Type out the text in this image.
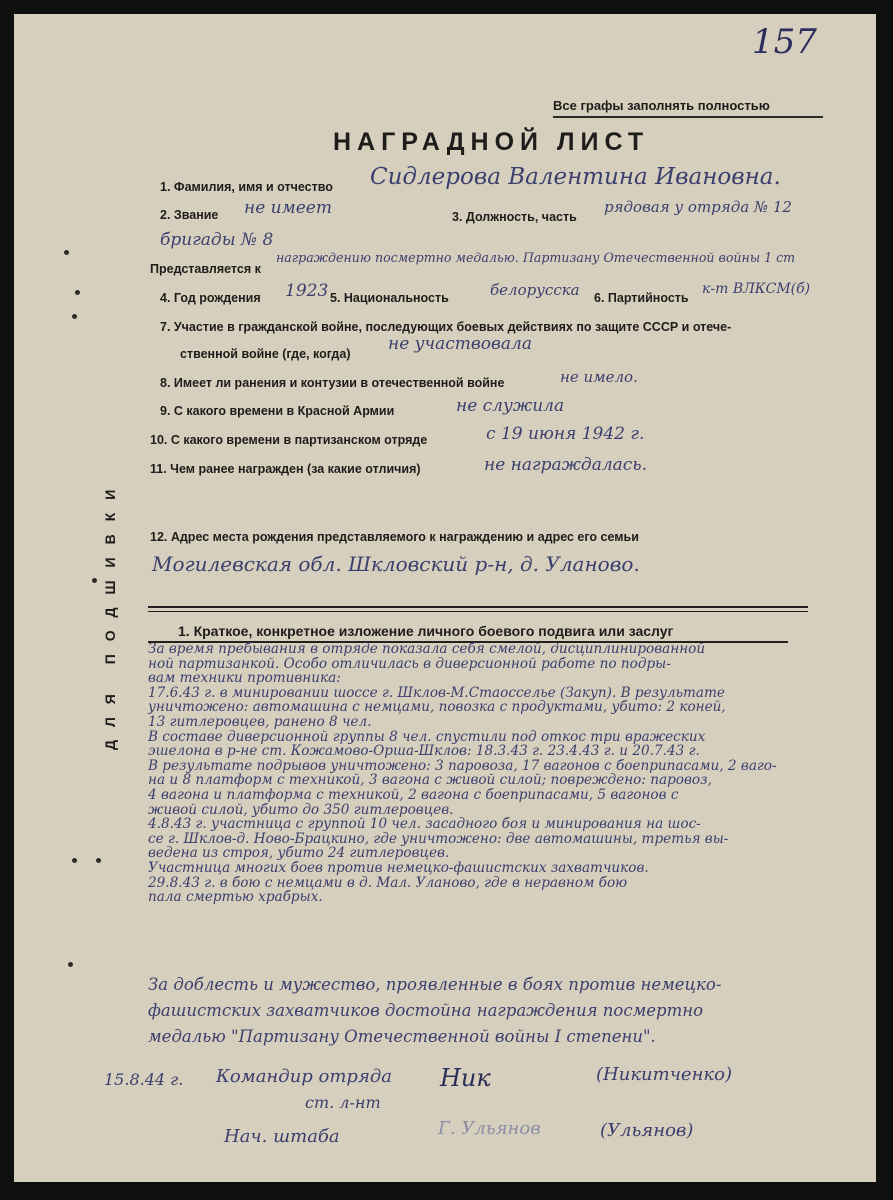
157
Все графы заполнять полностью
НАГРАДНОЙ ЛИСТ
ДЛЯ ПОДШИВКИ
1. Фамилия, имя и отчество Сидлерова Валентина Ивановна.
2. Звание не имеет	3. Должность, часть
рядовая у отряда № 12
бригады № 8
Представляется к
награждению посмертно медалью. Партизану Отечественной войны 1 ст
4. Год рождения 1923 5. Национальность	белорусска 6. Партийность
к-т ВЛКСМ(б)
7. Участие в гражданской войне, последующих боевых действиях по защите СССР и отече-
ственной войне (где, когда) не участвовала
8. Имеет ли ранения и контузии в отечественной войне	не имело.
9. С какого времени в Красной Армии	не служила
10. С какого времени в партизанском отряде	с 19 июня 1942 г.
11. Чем ранее награжден (за какие отличия)	не награждалась.
12. Адрес места рождения представляемого к награждению и адрес его семьи
Могилевская обл. Шкловский р-н, д. Уланово.
1. Краткое, конкретное изложение личного боевого подвига или заслуг
За время пребывания в отряде показала себя смелой, дисциплинированной
ной партизанкой. Особо отличилась в диверсионной работе по подры-
вам техники противника:
17.6.43 г. в минировании шоссе г. Шклов-М.Стаосселье (Закуп). В результате
уничтожено: автомашина с немцами, повозка с продуктами, убито: 2 коней,
13 гитлеровцев, ранено 8 чел.
В составе диверсионной группы 8 чел. спустили под откос три вражеских
эшелона в р-не ст. Кожамово-Орша-Шклов: 18.3.43 г. 23.4.43 г. и 20.7.43 г.
В результате подрывов уничтожено: 3 паровоза, 17 вагонов с боеприпасами, 2 ваго-
на и 8 платформ с техникой, 3 вагона с живой силой; повреждено: паровоз,
4 вагона и платформа с техникой, 2 вагона с боеприпасами, 5 вагонов с
живой силой, убито до 350 гитлеровцев.
4.8.43 г. участница с группой 10 чел. засадного боя и минирования на шос-
се г. Шклов-д. Ново-Брацкино, где уничтожено: две автомашины, третья вы-
ведена из строя, убито 24 гитлеровцев.
Участница многих боев против немецко-фашистских захватчиков.
29.8.43 г. в бою с немцами в д. Мал. Уланово, где в неравном бою
пала смертью храбрых.
За доблесть и мужество, проявленные в боях против немецко-
фашистских захватчиков достойна награждения посмертно
медалью "Партизану Отечественной войны I степени".
15.8.44 г. Командир отряда
ст. л-нт
Ник	(Никитченко)
Нач. штаба	Г. Ульянов	(Ульянов)
